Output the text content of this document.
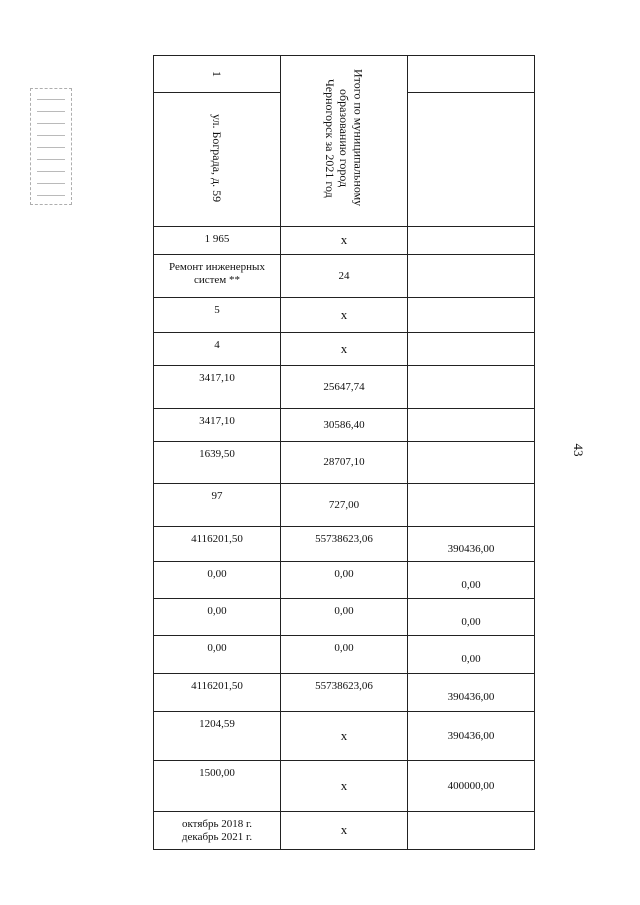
43
1	Итого по муниципальному образованию город Черногорск за 2021 год	
ул. Бограда, д. 59		
1 965	x	
Ремонт инженерных систем **	24	
5	x	
4	x	
3417,10	25647,74	
3417,10	30586,40	
1639,50	28707,10	
97	727,00	
4116201,50	55738623,06	390436,00
0,00	0,00	0,00
0,00	0,00	0,00
0,00	0,00	0,00
4116201,50	55738623,06	390436,00
1204,59	x	390436,00
1500,00	x	400000,00
октябрь 2018 г. декабрь 2021 г.	x	
